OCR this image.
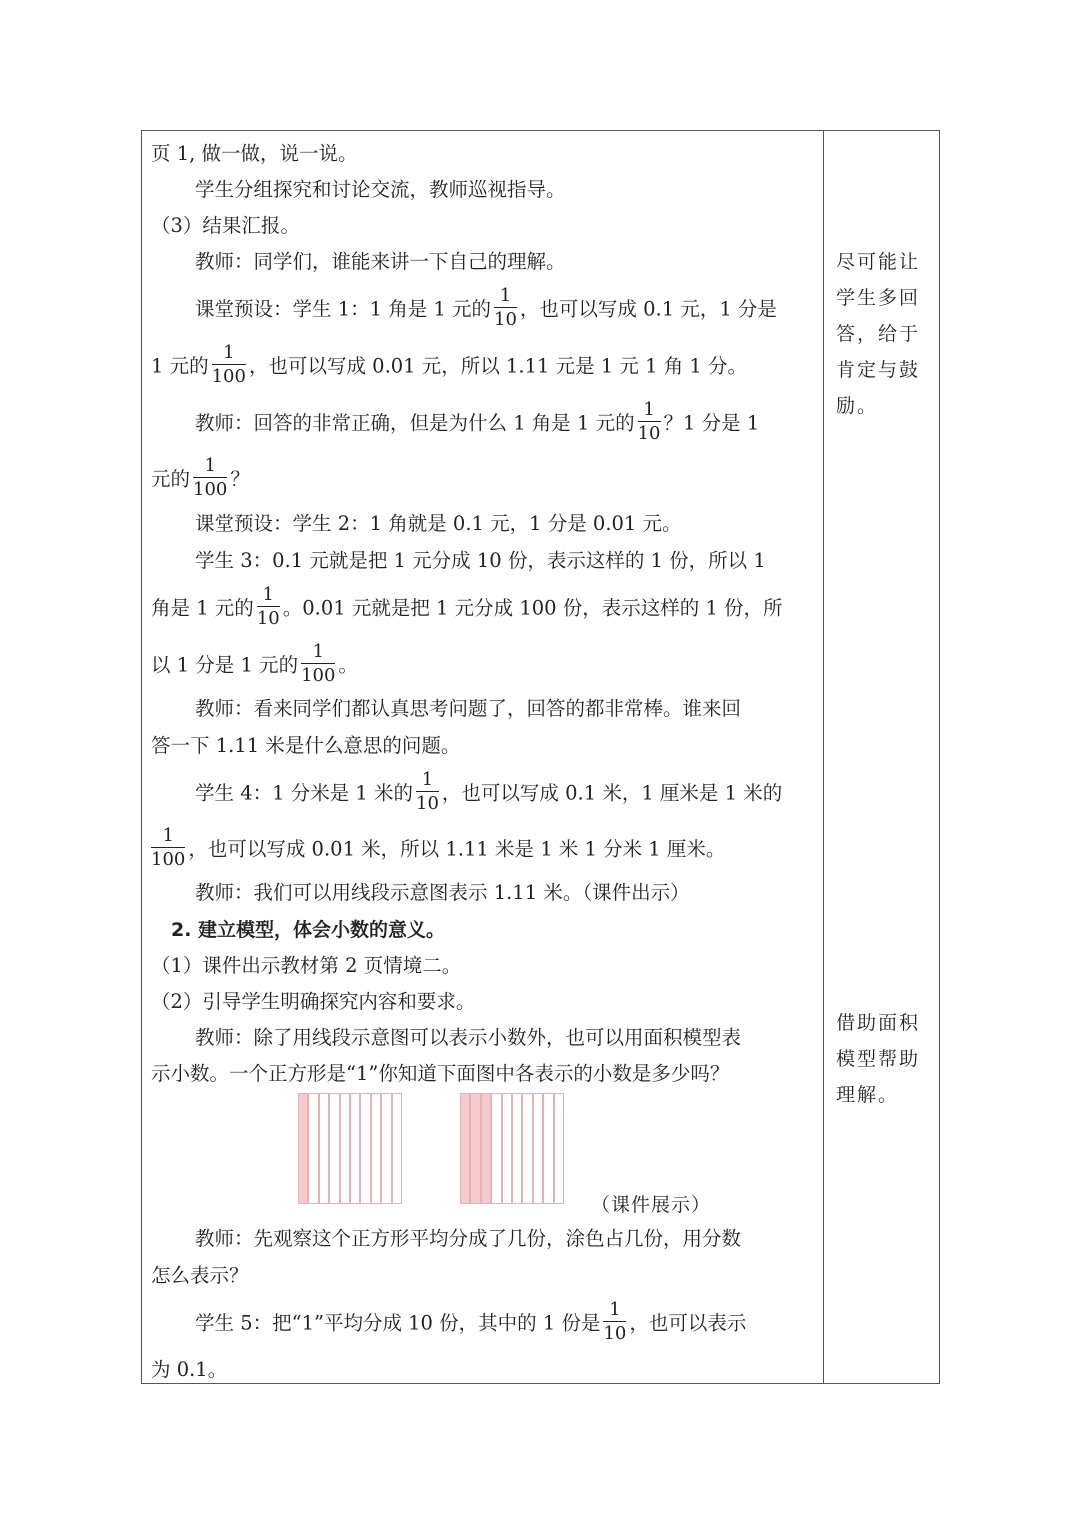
页 1, 做一做，说一说。
学生分组探究和讨论交流，教师巡视指导。
（3）结果汇报。
教师：同学们，谁能来讲一下自己的理解。
课堂预设：学生 1：1 角是 1 元的 $\frac{1}{10}$ ，也可以写成 0.1 元，1 分是
1 元的 $\frac{1}{100}$ ，也可以写成 0.01 元，所以 1.11 元是 1 元 1 角 1 分。
教师：回答的非常正确，但是为什么 1 角是 1 元的 $\frac{1}{10}$ ？1 分是 1
元的 $\frac{1}{100}$ ？
课堂预设：学生 2：1 角就是 0.1 元，1 分是 0.01 元。
学生 3：0.1 元就是把 1 元分成 10 份，表示这样的 1 份，所以 1
角是 1 元的 $\frac{1}{10}$ 。0.01 元就是把 1 元分成 100 份，表示这样的 1 份，所
以 1 分是 1 元的 $\frac{1}{100}$ 。
教师：看来同学们都认真思考问题了，回答的都非常棒。谁来回
答一下 1.11 米是什么意思的问题。
学生 4：1 分米是 1 米的 $\frac{1}{10}$ ，也可以写成 0.1 米，1 厘米是 1 米的
$\frac{1}{100}$ ，也可以写成 0.01 米，所以 1.11 米是 1 米 1 分米 1 厘米。
教师：我们可以用线段示意图表示 1.11 米。（课件出示）
2. 建立模型，体会小数的意义。
（1）课件出示教材第 2 页情境二。
（2）引导学生明确探究内容和要求。
教师：除了用线段示意图可以表示小数外，也可以用面积模型表
示小数。一个正方形是“1”你知道下面图中各表示的小数是多少吗？
教师：先观察这个正方形平均分成了几份，涂色占几份，用分数
怎么表示？
学生 5：把“1”平均分成 10 份，其中的 1 份是 $\frac{1}{10}$ ，也可以表示
为 0.1。
（课件展示）
尽可能让
学生多回
答，给于
肯定与鼓
励。
借助面积
模型帮助
理解。
